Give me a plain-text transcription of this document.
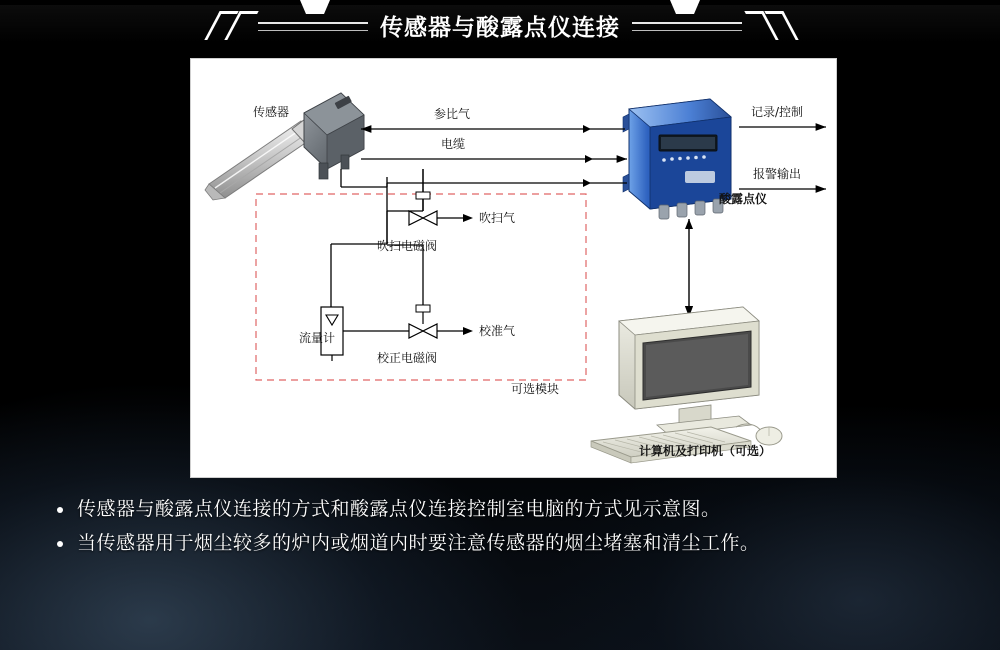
传感器与酸露点仪连接
传感器	参比气
电缆
记录/控制
报警输出
酸露点仪
吹扫气
吹扫电磁阀
校准气
校正电磁阀
流量计
可选模块
计算机及打印机（可选）
传感器与酸露点仪连接的方式和酸露点仪连接控制室电脑的方式见示意图。
当传感器用于烟尘较多的炉内或烟道内时要注意传感器的烟尘堵塞和清尘工作。
